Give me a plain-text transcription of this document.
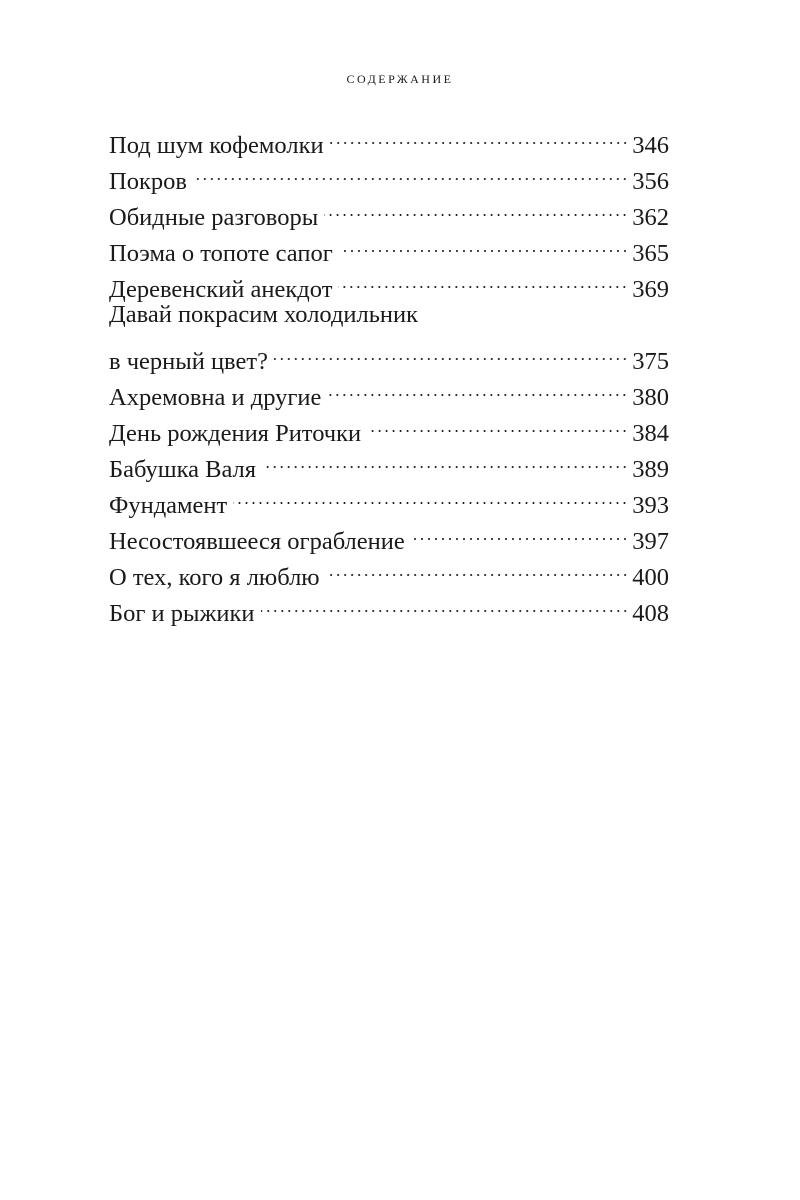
содержание
Под шум кофемолки	346
Покров	356
Обидные разговоры	362
Поэма о топоте сапог	365
Деревенский анекдот	369
Давай покрасим холодильник
в черный цвет?	375
Ахремовна и другие	380
День рождения Риточки	384
Бабушка Валя	389
Фундамент	393
Несостоявшееся ограбление	397
О тех, кого я люблю	400
Бог и рыжики	408
